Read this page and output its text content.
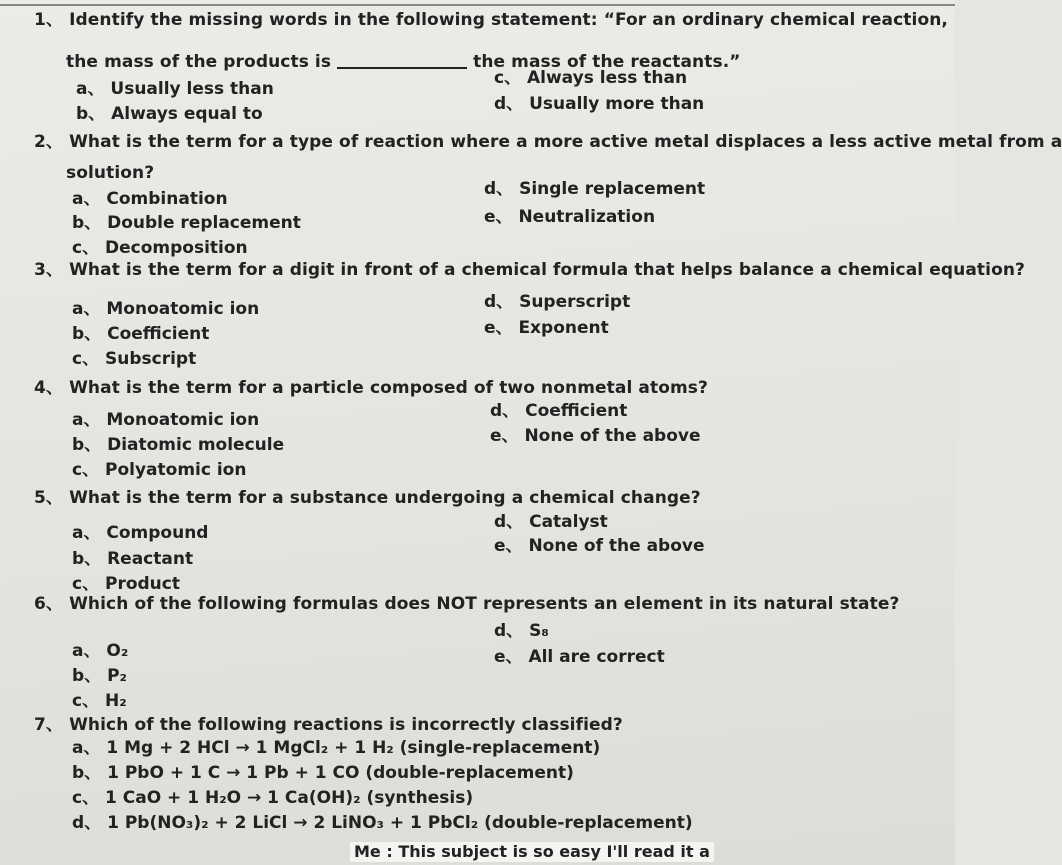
1、 Identify the missing words in the following statement: “For an ordinary chemical reaction,
the mass of the products is	the mass of the reactants.”
a、 Usually less than
b、 Always equal to
c、 Always less than
d、 Usually more than
2、 What is the term for a type of reaction where a more active metal displaces a less active metal from a
solution?
a、 Combination
b、 Double replacement
c、 Decomposition
d、 Single replacement
e、 Neutralization
3、 What is the term for a digit in front of a chemical formula that helps balance a chemical equation?
a、 Monoatomic ion
b、 Coefficient
c、 Subscript
d、 Superscript
e、 Exponent
4、 What is the term for a particle composed of two nonmetal atoms?
a、 Monoatomic ion
b、 Diatomic molecule
c、 Polyatomic ion
d、 Coefficient
e、 None of the above
5、 What is the term for a substance undergoing a chemical change?
a、 Compound
b、 Reactant
c、 Product
d、 Catalyst
e、 None of the above
6、 Which of the following formulas does NOT represents an element in its natural state?
a、 O₂
b、 P₂
c、 H₂
d、 S₈
e、 All are correct
7、 Which of the following reactions is incorrectly classified?
a、 1 Mg + 2 HCl → 1 MgCl₂ + 1 H₂ (single-replacement)
b、 1 PbO + 1 C → 1 Pb + 1 CO (double-replacement)
c、 1 CaO + 1 H₂O → 1 Ca(OH)₂ (synthesis)
d、 1 Pb(NO₃)₂ + 2 LiCl → 2 LiNO₃ + 1 PbCl₂ (double-replacement)
Me : This subject is so easy I'll read it a
